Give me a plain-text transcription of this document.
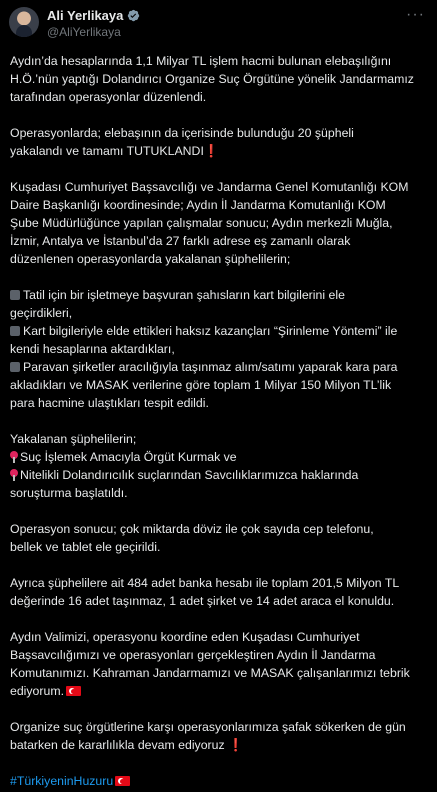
Ali Yerlikaya
@AliYerlikaya
···

Aydın’da hesaplarında 1,1 Milyar TL işlem hacmi bulunan elebaşılığını
H.Ö.’nün yaptığı Dolandırıcı Organize Suç Örgütüne yönelik Jandarmamız
tarafından operasyonlar düzenlendi.

Operasyonlarda; elebaşının da içerisinde bulunduğu 20 şüpheli
yakalandı ve tamamı TUTUKLANDI❗

Kuşadası Cumhuriyet Başsavcılığı ve Jandarma Genel Komutanlığı KOM
Daire Başkanlığı koordinesinde; Aydın İl Jandarma Komutanlığı KOM
Şube Müdürlüğünce yapılan çalışmalar sonucu; Aydın merkezli Muğla,
İzmir, Antalya ve İstanbul’da 27 farklı adrese eş zamanlı olarak
düzenlenen operasyonlarda yakalanan şüphelilerin;

Tatil için bir işletmeye başvuran şahısların kart bilgilerini ele
geçirdikleri,
Kart bilgileriyle elde ettikleri haksız kazançları “Şirinleme Yöntemi” ile
kendi hesaplarına aktardıkları,
Paravan şirketler aracılığıyla taşınmaz alım/satımı yaparak kara para
akladıkları ve MASAK verilerine göre toplam 1 Milyar 150 Milyon TL’lik
para hacmine ulaştıkları tespit edildi.

Yakalanan şüphelilerin;
Suç İşlemek Amacıyla Örgüt Kurmak ve
Nitelikli Dolandırıcılık suçlarından Savcılıklarımızca haklarında
soruşturma başlatıldı.

Operasyon sonucu; çok miktarda döviz ile çok sayıda cep telefonu,
bellek ve tablet ele geçirildi.

Ayrıca şüphelilere ait 484 adet banka hesabı ile toplam 201,5 Milyon TL
değerinde 16 adet taşınmaz, 1 adet şirket ve 14 adet araca el konuldu.

Aydın Valimizi, operasyonu koordine eden Kuşadası Cumhuriyet
Başsavcılığımızı ve operasyonları gerçekleştiren Aydın İl Jandarma
Komutanımızı. Kahraman Jandarmamızı ve MASAK çalışanlarımızı tebrik
ediyorum.

Organize suç örgütlerine karşı operasyonlarımıza şafak sökerken de gün
batarken de kararlılıkla devam ediyoruz ❗

#TürkiyeninHuzuru
